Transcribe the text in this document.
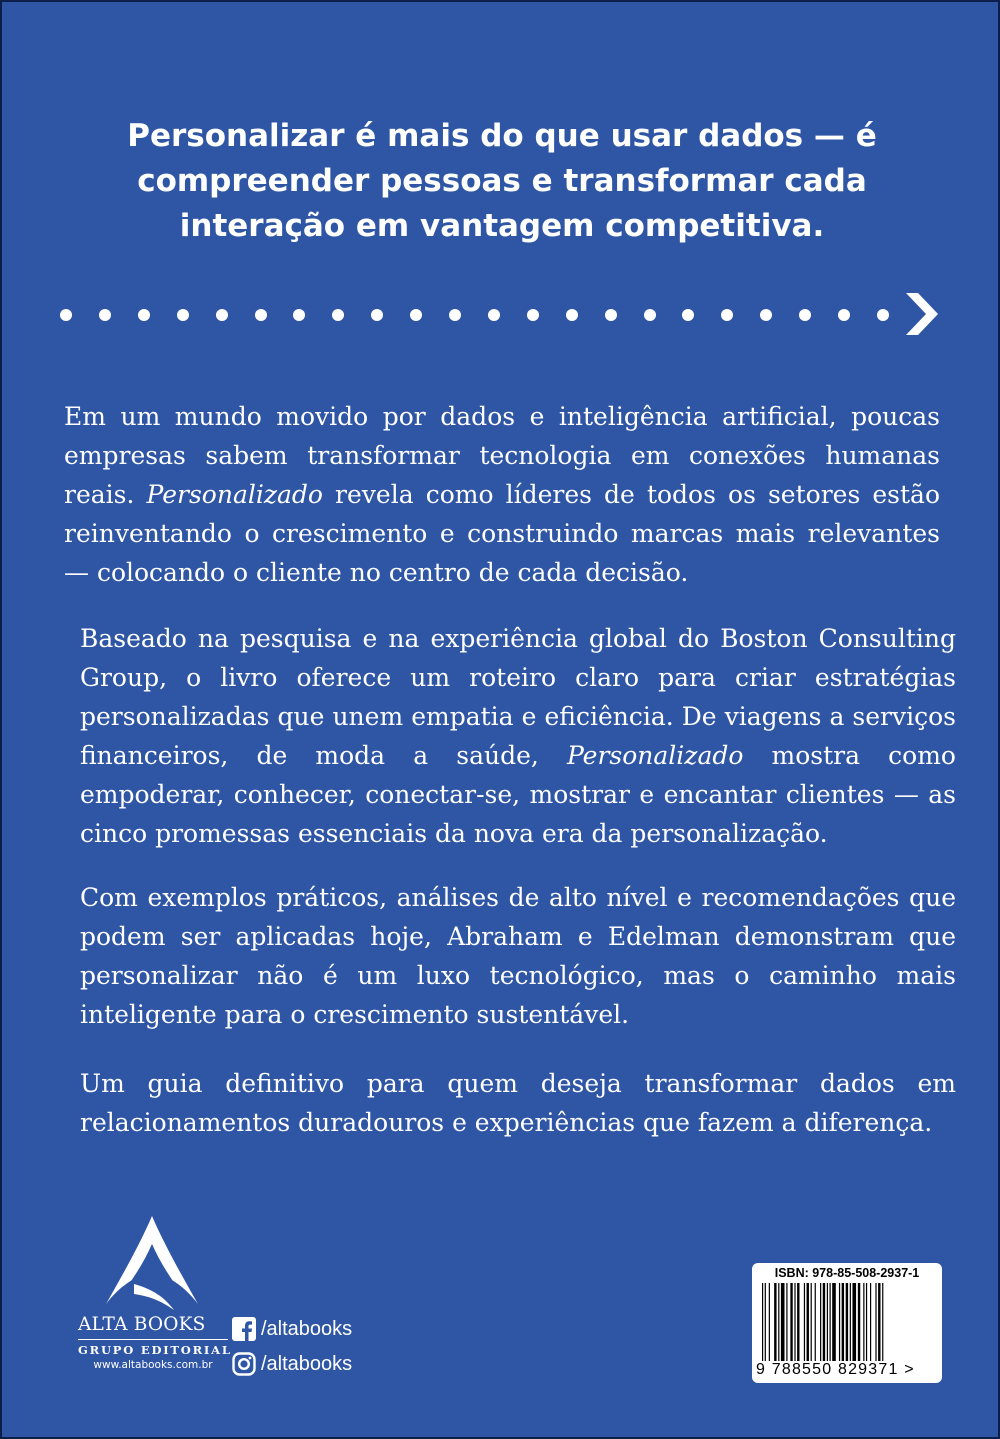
Personalizar é mais do que usar dados — é compreender pessoas e transformar cada interação em vantagem competitiva.

Em um mundo movido por dados e inteligência artificial, poucas empresas sabem transformar tecnologia em conexões humanas reais. Personalizado revela como líderes de todos os setores estão reinventando o crescimento e construindo marcas mais relevantes — colocando o cliente no centro de cada decisão.

Baseado na pesquisa e na experiência global do Boston Consulting Group, o livro oferece um roteiro claro para criar estratégias personalizadas que unem empatia e eficiência. De viagens a serviços financeiros, de moda a saúde, Personalizado mostra como empoderar, conhecer, conectar-se, mostrar e encantar clientes — as cinco promessas essenciais da nova era da personalização.

Com exemplos práticos, análises de alto nível e recomendações que podem ser aplicadas hoje, Abraham e Edelman demonstram que personalizar não é um luxo tecnológico, mas o caminho mais inteligente para o crescimento sustentável.

Um guia definitivo para quem deseja transformar dados em relacionamentos duradouros e experiências que fazem a diferença.

ALTA BOOKS
GRUPO EDITORIAL
www.altabooks.com.br
/altabooks
/altabooks
ISBN: 978-85-508-2937-1
9 788550 829371 >
